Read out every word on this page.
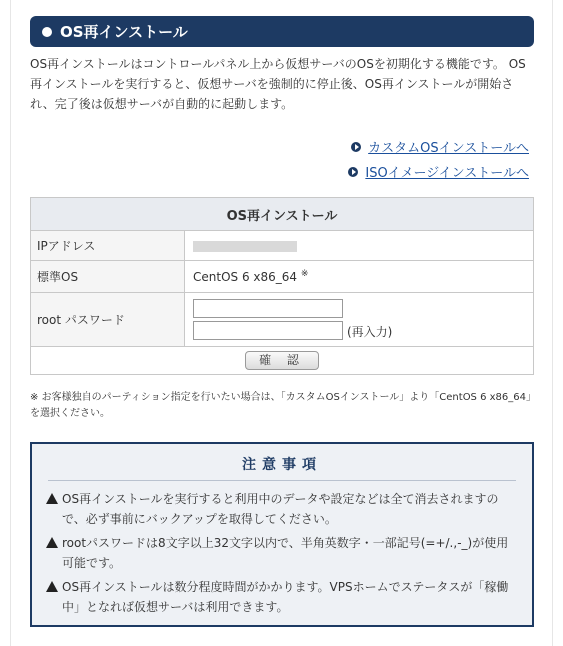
OS再インストール
OS再インストールはコントロールパネル上から仮想サーバのOSを初期化する機能です。 OS再インストールを実行すると、仮想サーバを強制的に停止後、OS再インストールが開始され、完了後は仮想サーバが自動的に起動します。
カスタムOSインストールへ
ISOイメージインストールへ
OS再インストール	
IPアドレス	
標準OS	CentOS 6 x86_64 ※
root パスワード	(再入力)

確 認	
※ お客様独自のパーティション指定を行いたい場合は、「カスタムOSインストール」より「CentOS 6 x86_64」を選択ください。
注意事項
OS再インストールを実行すると利用中のデータや設定などは全て消去されますので、必ず事前にバックアップを取得してください。
rootパスワードは8文字以上32文字以内で、半角英数字・一部記号(=+/.,-_)が使用可能です。
OS再インストールは数分程度時間がかかります。VPSホームでステータスが「稼働中」となれば仮想サーバは利用できます。
